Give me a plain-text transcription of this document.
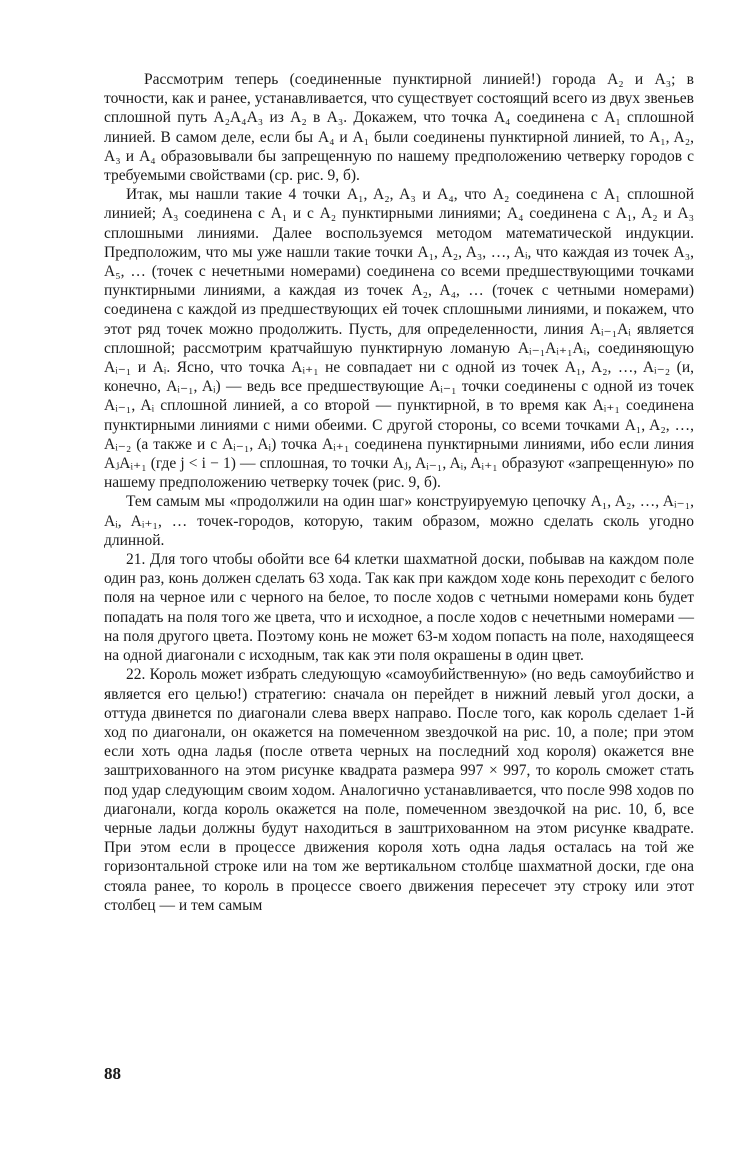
Рассмотрим теперь (соединенные пунктирной линией!) города A₂ и A₃; в точности, как и ранее, устанавливается, что существует состоящий всего из двух звеньев сплошной путь A₂A₄A₃ из A₂ в A₃. Докажем, что точка A₄ соединена с A₁ сплошной линией. В самом деле, если бы A₄ и A₁ были соединены пунктирной линией, то A₁, A₂, A₃ и A₄ образовывали бы запрещенную по нашему предположению четверку городов с требуемыми свойствами (ср. рис. 9, б).

Итак, мы нашли такие 4 точки A₁, A₂, A₃ и A₄, что A₂ соединена с A₁ сплошной линией; A₃ соединена с A₁ и с A₂ пунктирными линиями; A₄ соединена с A₁, A₂ и A₃ сплошными линиями. Далее воспользуемся методом математической индукции. Предположим, что мы уже нашли такие точки A₁, A₂, A₃, …, Aᵢ, что каждая из точек A₃, A₅, … (точек с нечетными номерами) соединена со всеми предшествующими точками пунктирными линиями, а каждая из точек A₂, A₄, … (точек с четными номерами) соединена с каждой из предшествующих ей точек сплошными линиями, и покажем, что этот ряд точек можно продолжить. Пусть, для определенности, линия Aᵢ₋₁Aᵢ является сплошной; рассмотрим кратчайшую пунктирную ломаную Aᵢ₋₁Aᵢ₊₁Aᵢ, соединяющую Aᵢ₋₁ и Aᵢ. Ясно, что точка Aᵢ₊₁ не совпадает ни с одной из точек A₁, A₂, …, Aᵢ₋₂ (и, конечно, Aᵢ₋₁, Aᵢ) — ведь все предшествующие Aᵢ₋₁ точки соединены с одной из точек Aᵢ₋₁, Aᵢ сплошной линией, а со второй — пунктирной, в то время как Aᵢ₊₁ соединена пунктирными линиями с ними обеими. С другой стороны, со всеми точками A₁, A₂, …, Aᵢ₋₂ (а также и с Aᵢ₋₁, Aᵢ) точка Aᵢ₊₁ соединена пунктирными линиями, ибо если линия AⱼAᵢ₊₁ (где j < i − 1) — сплошная, то точки Aⱼ, Aᵢ₋₁, Aᵢ, Aᵢ₊₁ образуют «запрещенную» по нашему предположению четверку точек (рис. 9, б).

Тем самым мы «продолжили на один шаг» конструируемую цепочку A₁, A₂, …, Aᵢ₋₁, Aᵢ, Aᵢ₊₁, … точек-городов, которую, таким образом, можно сделать сколь угодно длинной.

21. Для того чтобы обойти все 64 клетки шахматной доски, побывав на каждом поле один раз, конь должен сделать 63 хода. Так как при каждом ходе конь переходит с белого поля на черное или с черного на белое, то после ходов с четными номерами конь будет попадать на поля того же цвета, что и исходное, а после ходов с нечетными номерами — на поля другого цвета. Поэтому конь не может 63-м ходом попасть на поле, находящееся на одной диагонали с исходным, так как эти поля окрашены в один цвет.

22. Король может избрать следующую «самоубийственную» (но ведь самоубийство и является его целью!) стратегию: сначала он перейдет в нижний левый угол доски, а оттуда двинется по диагонали слева вверх направо. После того, как король сделает 1-й ход по диагонали, он окажется на помеченном звездочкой на рис. 10, а поле; при этом если хоть одна ладья (после ответа черных на последний ход короля) окажется вне заштрихованного на этом рисунке квадрата размера 997 × 997, то король сможет стать под удар следующим своим ходом. Аналогично устанавливается, что после 998 ходов по диагонали, когда король окажется на поле, помеченном звездочкой на рис. 10, б, все черные ладьи должны будут находиться в заштрихованном на этом рисунке квадрате. При этом если в процессе движения короля хоть одна ладья осталась на той же горизонтальной строке или на том же вертикальном столбце шахматной доски, где она стояла ранее, то король в процессе своего движения пересечет эту строку или этот столбец — и тем самым

88
